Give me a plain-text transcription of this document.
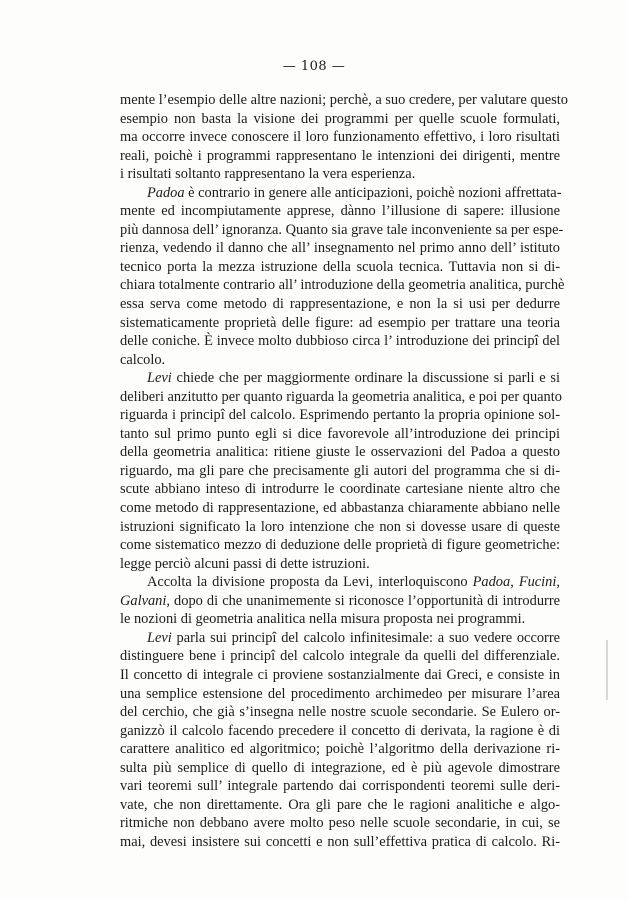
— 108 —
mente l’esempio delle altre nazioni; perchè, a suo credere, per valutare questo
esempio non basta la visione dei programmi per quelle scuole formulati,
ma occorre invece conoscere il loro funzionamento effettivo, i loro risultati
reali, poichè i programmi rappresentano le intenzioni dei dirigenti, mentre
i risultati soltanto rappresentano la vera esperienza.
Padoa è contrario in genere alle anticipazioni, poichè nozioni affrettata-
mente ed incompiutamente apprese, dànno l’illusione di sapere: illusione
più dannosa dell’ ignoranza. Quanto sia grave tale inconveniente sa per espe-
rienza, vedendo il danno che all’ insegnamento nel primo anno dell’ istituto
tecnico porta la mezza istruzione della scuola tecnica. Tuttavia non si di-
chiara totalmente contrario all’ introduzione della geometria analitica, purchè
essa serva come metodo di rappresentazione, e non la si usi per dedurre
sistematicamente proprietà delle figure: ad esempio per trattare una teoria
delle coniche. È invece molto dubbioso circa l’ introduzione dei principî del
calcolo.
Levi chiede che per maggiormente ordinare la discussione si parli e si
deliberi anzitutto per quanto riguarda la geometria analitica, e poi per quanto
riguarda i principî del calcolo. Esprimendo pertanto la propria opinione sol-
tanto sul primo punto egli si dice favorevole all’introduzione dei principi
della geometria analitica: ritiene giuste le osservazioni del Padoa a questo
riguardo, ma gli pare che precisamente gli autori del programma che si di-
scute abbiano inteso di introdurre le coordinate cartesiane niente altro che
come metodo di rappresentazione, ed abbastanza chiaramente abbiano nelle
istruzioni significato la loro intenzione che non si dovesse usare di queste
come sistematico mezzo di deduzione delle proprietà di figure geometriche:
legge perciò alcuni passi di dette istruzioni.
Accolta la divisione proposta da Levi, interloquiscono Padoa, Fucini,
Galvani, dopo di che unanimemente si riconosce l’opportunità di introdurre
le nozioni di geometria analitica nella misura proposta nei programmi.
Levi parla sui principî del calcolo infinitesimale: a suo vedere occorre
distinguere bene i principî del calcolo integrale da quelli del differenziale.
Il concetto di integrale ci proviene sostanzialmente dai Greci, e consiste in
una semplice estensione del procedimento archimedeo per misurare l’area
del cerchio, che già s’insegna nelle nostre scuole secondarie. Se Eulero or-
ganizzò il calcolo facendo precedere il concetto di derivata, la ragione è di
carattere analitico ed algoritmico; poichè l’algoritmo della derivazione ri-
sulta più semplice di quello di integrazione, ed è più agevole dimostrare
vari teoremi sull’ integrale partendo dai corrispondenti teoremi sulle deri-
vate, che non direttamente. Ora gli pare che le ragioni analitiche e algo-
ritmiche non debbano avere molto peso nelle scuole secondarie, in cui, se
mai, devesi insistere sui concetti e non sull’effettiva pratica di calcolo. Ri-
